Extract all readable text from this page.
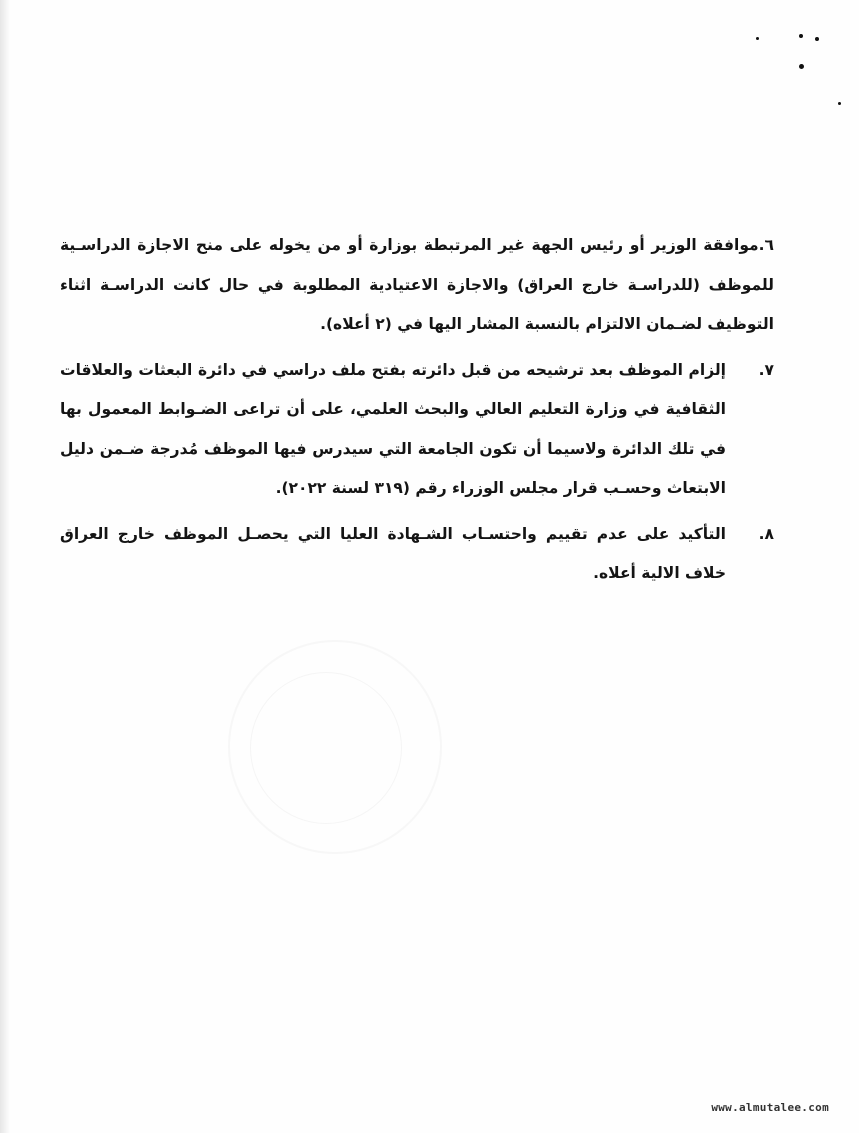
٦.موافقة الوزير أو رئيس الجهة غير المرتبطة بوزارة أو من يخوله على منح الاجازة الدراسـية للموظف (للدراسـة خارج العراق) والاجازة الاعتيادية المطلوبة في حال كانت الدراسـة اثناء التوظيف لضـمان الالتزام بالنسبة المشار اليها في (٢ أعلاه).
٧.
إلزام الموظف بعد ترشيحه من قبل دائرته بفتح ملف دراسي في دائرة البعثات والعلاقات الثقافية في وزارة التعليم العالي والبحث العلمي، على أن تراعى الضـوابط المعمول بها في تلك الدائرة ولاسيما أن تكون الجامعة التي سيدرس فيها الموظف مُدرجة ضـمن دليل الابتعاث وحسـب قرار مجلس الوزراء رقم (٣١٩ لسنة ٢٠٢٢).
٨.
التأكيد على عدم تقييم واحتسـاب الشـهادة العليا التي يحصـل الموظف خارج العراق خلاف الالية أعلاه.
www.almutalee.com
